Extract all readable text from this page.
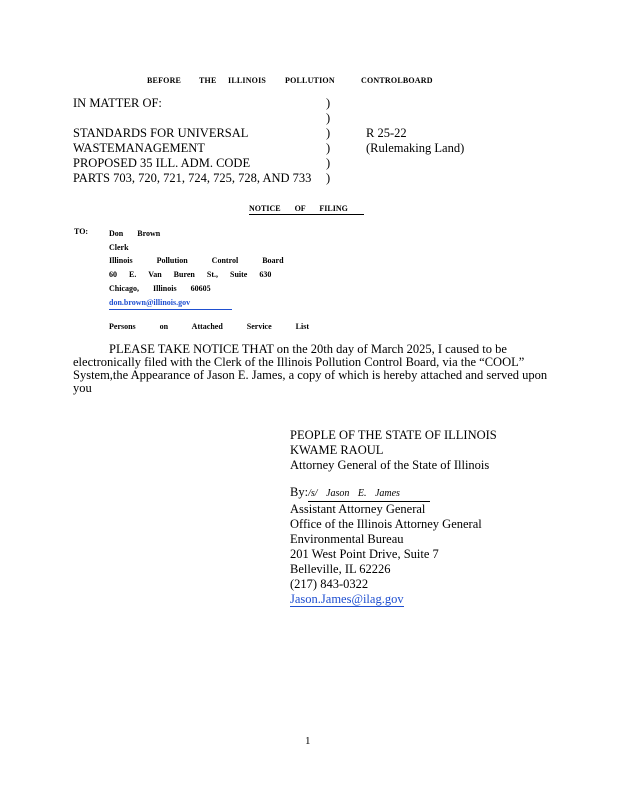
BEFORE THE ILLINOIS POLLUTION	CONTROLBOARD
IN MATTER OF:
STANDARDS FOR UNIVERSAL
WASTEMANAGEMENT
PROPOSED 35 ILL. ADM. CODE
PARTS 703, 720, 721, 724, 725, 728, AND 733
)
)
)
)
)
)
R 25-22
(Rulemaking Land)
NOTICE OF FILING
TO:	Don Brown
Clerk
Illinois Pollution Control Board
60 E. Van Buren St., Suite 630
Chicago, Illinois 60605
don.brown@illinois.gov
Persons on Attached Service List
PLEASE TAKE NOTICE THAT on the 20th day of March 2025, I caused to be
electronically filed with the Clerk of the Illinois Pollution Control Board, via the “COOL”
System,the Appearance of Jason E. James, a copy of which is hereby attached and served upon
you
PEOPLE OF THE STATE OF ILLINOIS
KWAME RAOUL
Attorney General of the State of Illinois
By:/s/ Jason E. James
Assistant Attorney General
Office of the Illinois Attorney General
Environmental Bureau
201 West Point Drive, Suite 7
Belleville, IL 62226
(217) 843-0322
Jason.James@ilag.gov
1
